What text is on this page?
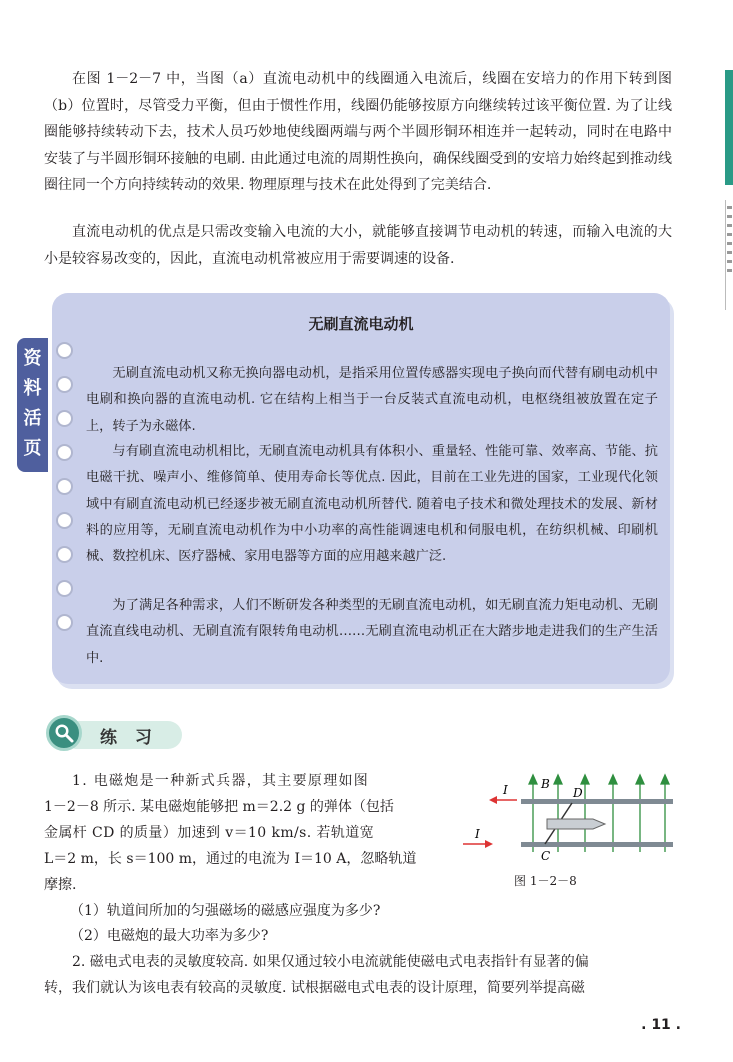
在图 1－2－7 中，当图（a）直流电动机中的线圈通入电流后，线圈在安培力的作用下转到图（b）位置时，尽管受力平衡，但由于惯性作用，线圈仍能够按原方向继续转过该平衡位置. 为了让线圈能够持续转动下去，技术人员巧妙地使线圈两端与两个半圆形铜环相连并一起转动，同时在电路中安装了与半圆形铜环接触的电刷. 由此通过电流的周期性换向，确保线圈受到的安培力始终起到推动线圈往同一个方向持续转动的效果. 物理原理与技术在此处得到了完美结合.

直流电动机的优点是只需改变输入电流的大小，就能够直接调节电动机的转速，而输入电流的大小是较容易改变的，因此，直流电动机常被应用于需要调速的设备.

无刷直流电动机

无刷直流电动机又称无换向器电动机，是指采用位置传感器实现电子换向而代替有刷电动机中电刷和换向器的直流电动机. 它在结构上相当于一台反装式直流电动机，电枢绕组被放置在定子上，转子为永磁体.

与有刷直流电动机相比，无刷直流电动机具有体积小、重量轻、性能可靠、效率高、节能、抗电磁干扰、噪声小、维修简单、使用寿命长等优点. 因此，目前在工业先进的国家，工业现代化领域中有刷直流电动机已经逐步被无刷直流电动机所替代. 随着电子技术和微处理技术的发展、新材料的应用等，无刷直流电动机作为中小功率的高性能调速电机和伺服电机，在纺织机械、印刷机械、数控机床、医疗器械、家用电器等方面的应用越来越广泛.

为了满足各种需求，人们不断研发各种类型的无刷直流电动机，如无刷直流力矩电动机、无刷直流直线电动机、无刷直流有限转角电动机……无刷直流电动机正在大踏步地走进我们的生产生活中.

资
料
活
页
练 习

1. 电磁炮是一种新式兵器，其主要原理如图

1－2－8 所示. 某电磁炮能够把 m＝2.2 g 的弹体（包括

金属杆 CD 的质量）加速到 v＝10 km/s. 若轨道宽

L＝2 m，长 s＝100 m，通过的电流为 I＝10 A，忽略轨道

摩擦.

（1）轨道间所加的匀强磁场的磁感应强度为多少?

（2）电磁炮的最大功率为多少?

2. 磁电式电表的灵敏度较高. 如果仅通过较小电流就能使磁电式电表指针有显著的偏

转，我们就认为该电表有较高的灵敏度. 试根据磁电式电表的设计原理，简要列举提高磁

I
I
B
D
C
图 1－2－8
. 11 .
